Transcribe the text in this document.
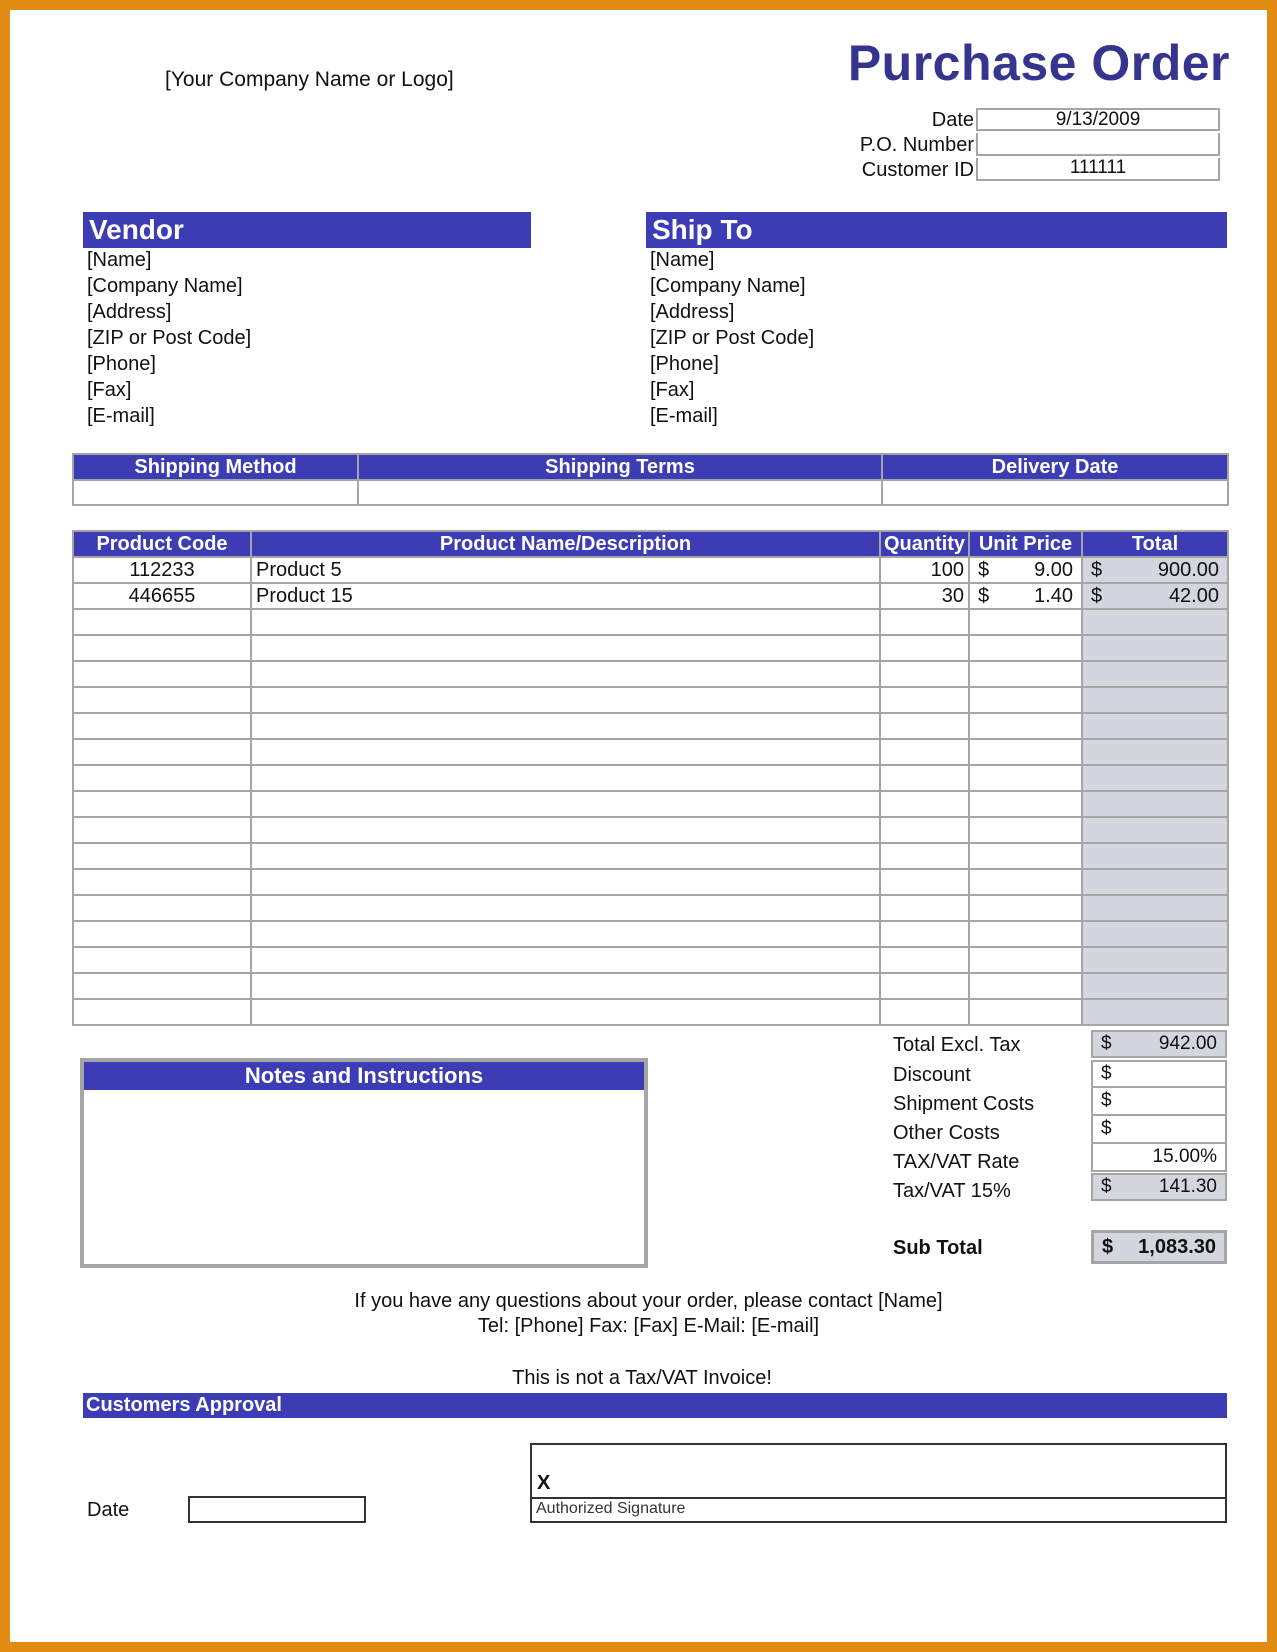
[Your Company Name or Logo]	Purchase Order
Date	9/13/2009
P.O. Number
Customer ID	111111
Vendor
[Name]
[Company Name]
[Address]
[ZIP or Post Code]
[Phone]
[Fax]
[E-mail]
Ship To
[Name]
[Company Name]
[Address]
[ZIP or Post Code]
[Phone]
[Fax]
[E-mail]
Shipping Method	Shipping Terms	Delivery Date

Product Code	Product Name/Description	Quantity	Unit Price	Total
112233	Product 5	100	$ 9.00	$ 900.00

446655	Product 15	30	$ 1.40	$ 42.00

Total Excl. Tax	$ 942.00
Discount	$
Shipment Costs	$
Other Costs	$
TAX/VAT Rate	15.00%
Tax/VAT 15%	$ 141.30
Sub Total	$ 1,083.30
Notes and Instructions
If you have any questions about your order, please contact [Name]
Tel: [Phone] Fax: [Fax] E-Mail: [E-mail]
This is not a Tax/VAT Invoice!
Customers Approval
X
Authorized Signature
Date
